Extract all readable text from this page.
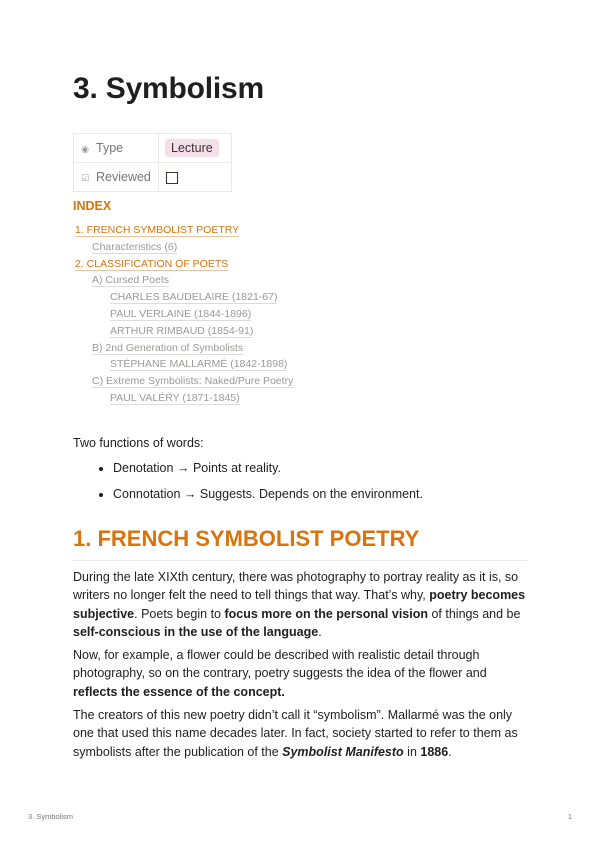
3. Symbolism
◉ Type	Lecture
☑ Reviewed	
INDEX
1. FRENCH SYMBOLIST POETRY
Characteristics (6)
2. CLASSIFICATION OF POETS
A) Cursed Poets
CHARLES BAUDELAIRE (1821-67)
PAUL VERLAINE (1844-1896)
ARTHUR RIMBAUD (1854-91)
B) 2nd Generation of Symbolists
STÉPHANE MALLARMÉ (1842-1898)
C) Extreme Symbolists: Naked/Pure Poetry
PAUL VALÉRY (1871-1845)
Two functions of words:
• Denotation → Points at reality.
• Connotation → Suggests. Depends on the environment.
1. FRENCH SYMBOLIST POETRY

During the late XIXth century, there was photography to portray reality as it is, so writers no longer felt the need to tell things that way. That’s why, poetry becomes subjective. Poets begin to focus more on the personal vision of things and be self-conscious in the use of the language.

Now, for example, a flower could be described with realistic detail through photography, so on the contrary, poetry suggests the idea of the flower and reflects the essence of the concept.

The creators of this new poetry didn’t call it “symbolism”. Mallarmé was the only one that used this name decades later. In fact, society started to refer to them as symbolists after the publication of the Symbolist Manifesto in 1886.

3. Symbolism	1
